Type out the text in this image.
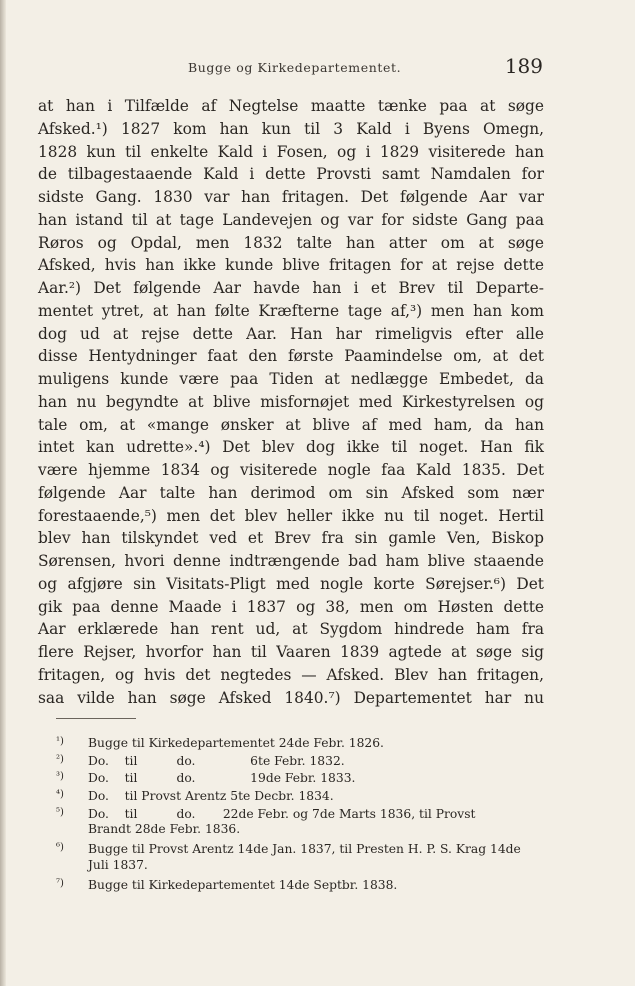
Bugge og Kirkedepartementet.	189
at han i Tilfælde af Negtelse maatte tænke paa at søge
Afsked.¹) 1827 kom han kun til 3 Kald i Byens Omegn,
1828 kun til enkelte Kald i Fosen, og i 1829 visiterede han
de tilbagestaaende Kald i dette Provsti samt Namdalen for
sidste Gang. 1830 var han fritagen. Det følgende Aar var
han istand til at tage Landevejen og var for sidste Gang paa
Røros og Opdal, men 1832 talte han atter om at søge
Afsked, hvis han ikke kunde blive fritagen for at rejse dette
Aar.²) Det følgende Aar havde han i et Brev til Departe-
mentet ytret, at han følte Kræfterne tage af,³) men han kom
dog ud at rejse dette Aar. Han har rimeligvis efter alle
disse Hentydninger faat den første Paamindelse om, at det
muligens kunde være paa Tiden at nedlægge Embedet, da
han nu begyndte at blive misfornøjet med Kirkestyrelsen og
tale om, at «mange ønsker at blive af med ham, da han
intet kan udrette».⁴) Det blev dog ikke til noget. Han fik
være hjemme 1834 og visiterede nogle faa Kald 1835. Det
følgende Aar talte han derimod om sin Afsked som nær
forestaaende,⁵) men det blev heller ikke nu til noget. Hertil
blev han tilskyndet ved et Brev fra sin gamle Ven, Biskop
Sørensen, hvori denne indtrængende bad ham blive staaende
og afgjøre sin Visitats-Pligt med nogle korte Sørejser.⁶) Det
gik paa denne Maade i 1837 og 38, men om Høsten dette
Aar erklærede han rent ud, at Sygdom hindrede ham fra
flere Rejser, hvorfor han til Vaaren 1839 agtede at søge sig
fritagen, og hvis det negtedes — Afsked. Blev han fritagen,
saa vilde han søge Afsked 1840.⁷) Departementet har nu
¹) Bugge til Kirkedepartementet 24de Febr. 1826.
²) Do.    til          do.              6te Febr. 1832.
³) Do.    til          do.              19de Febr. 1833.
⁴) Do.    til Provst Arentz 5te Decbr. 1834.
⁵) Do.    til          do.       22de Febr. og 7de Marts 1836, til Provst
Brandt 28de Febr. 1836.
⁶) Bugge til Provst Arentz 14de Jan. 1837, til Presten H. P. S. Krag 14de
Juli 1837.
⁷) Bugge til Kirkedepartementet 14de Septbr. 1838.
